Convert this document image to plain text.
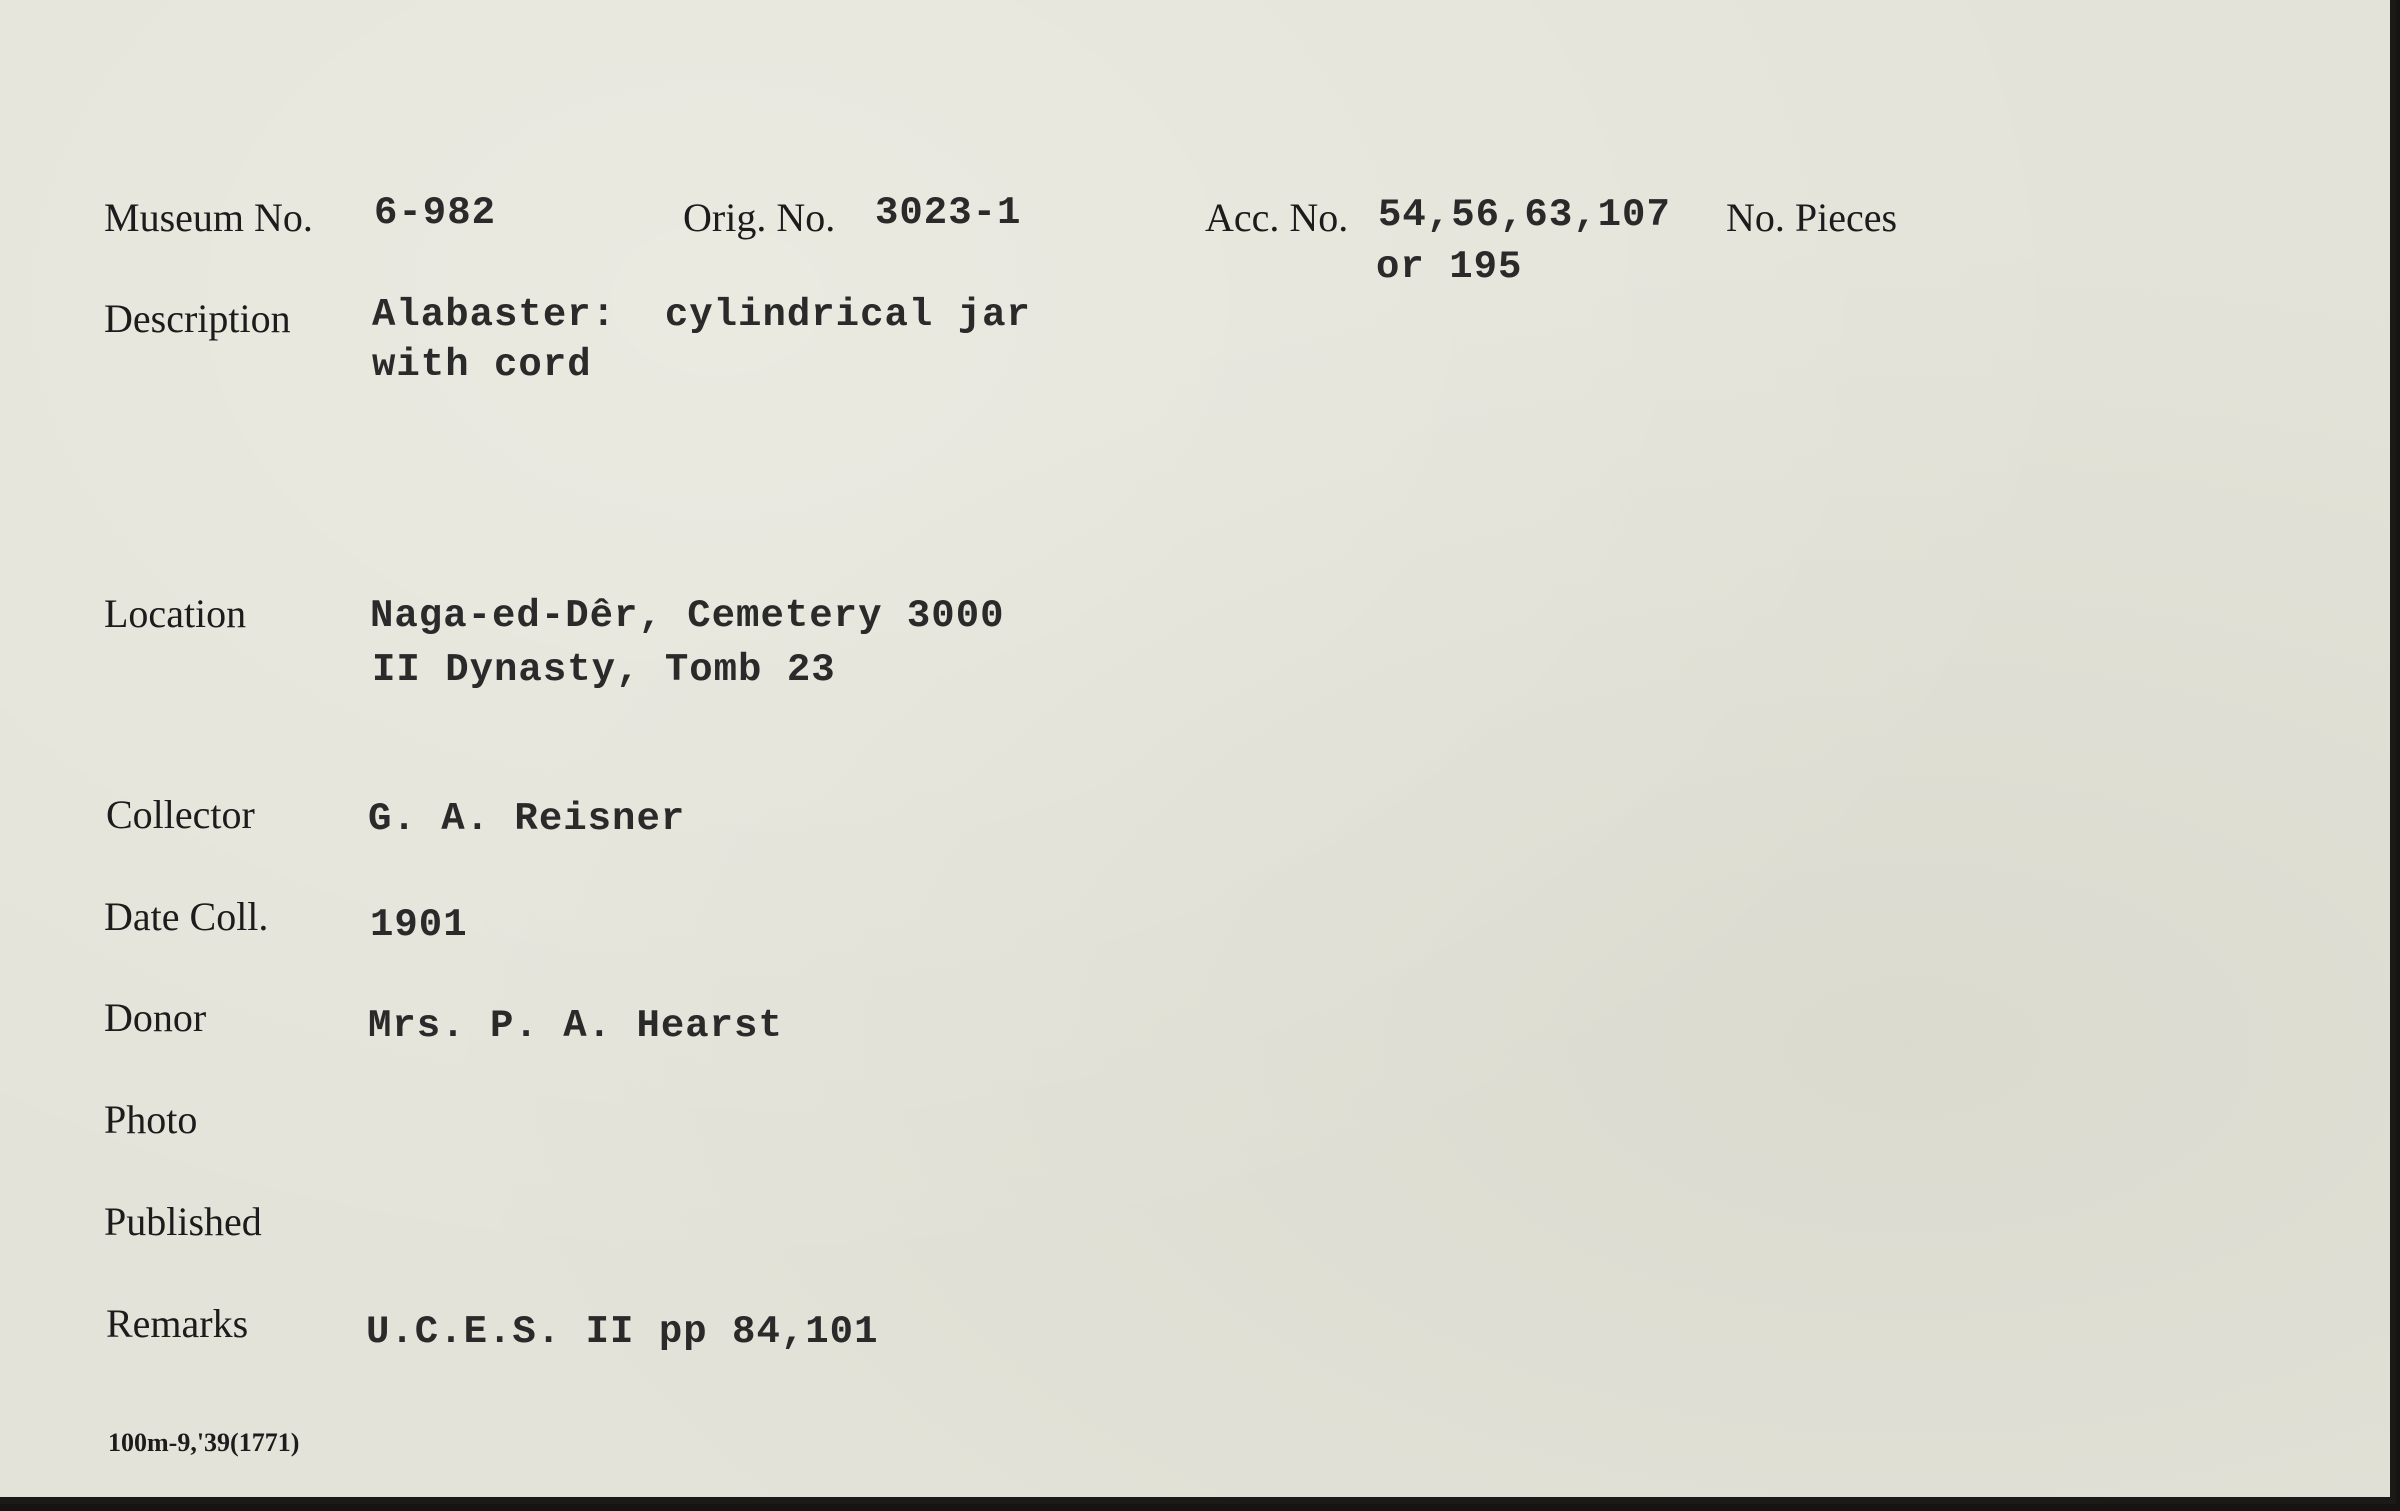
Museum No. 6-982	Orig. No. 3023-1	Acc. No. 54,56,63,107
or 195
No. Pieces
Description Alabaster:  cylindrical jar
with cord
Location	Naga-ed-Dêr, Cemetery 3000
II Dynasty, Tomb 23
Collector	G. A. Reisner
Date Coll.	1901
Donor	Mrs. P. A. Hearst
Photo
Published
Remarks	U.C.E.S. II pp 84,101
100m-9,'39(1771)
